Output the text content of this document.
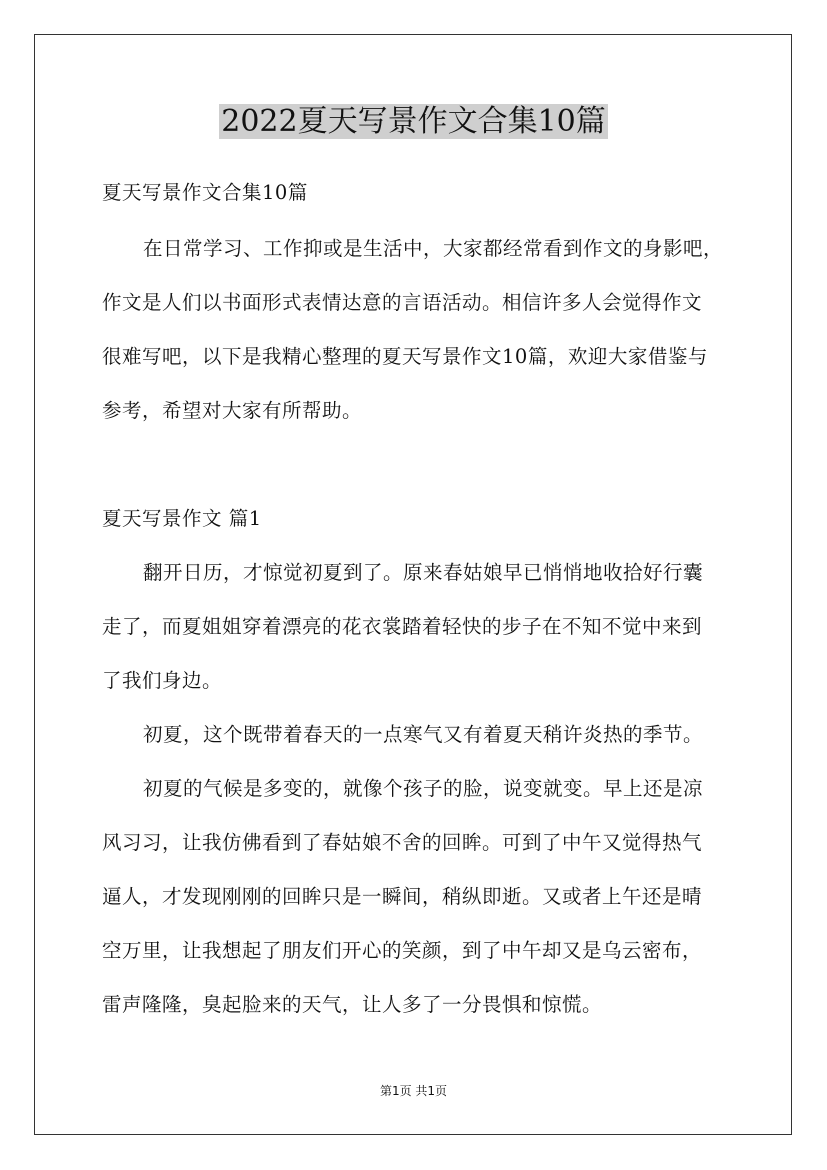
2022夏天写景作文合集10篇
夏天写景作文合集10篇
在日常学习、工作抑或是生活中，大家都经常看到作文的身影吧，
作文是人们以书面形式表情达意的言语活动。相信许多人会觉得作文
很难写吧，以下是我精心整理的夏天写景作文10篇，欢迎大家借鉴与
参考，希望对大家有所帮助。
夏天写景作文 篇1
翻开日历，才惊觉初夏到了。原来春姑娘早已悄悄地收拾好行囊
走了，而夏姐姐穿着漂亮的花衣裳踏着轻快的步子在不知不觉中来到
了我们身边。
初夏，这个既带着春天的一点寒气又有着夏天稍许炎热的季节。
初夏的气候是多变的，就像个孩子的脸，说变就变。早上还是凉
风习习，让我仿佛看到了春姑娘不舍的回眸。可到了中午又觉得热气
逼人，才发现刚刚的回眸只是一瞬间，稍纵即逝。又或者上午还是晴
空万里，让我想起了朋友们开心的笑颜，到了中午却又是乌云密布，
雷声隆隆，臭起脸来的天气，让人多了一分畏惧和惊慌。
第1页 共1页
